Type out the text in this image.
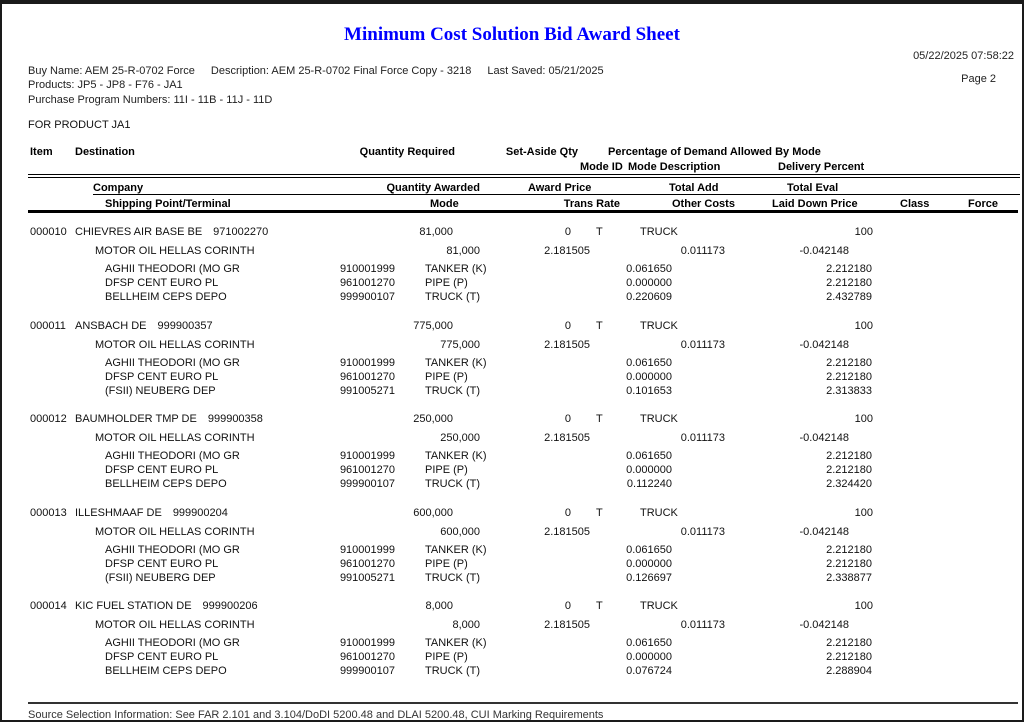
Minimum Cost Solution Bid Award Sheet
05/22/2025 07:58:22
Page 2
Buy Name: AEM 25-R-0702 Force Description: AEM 25-R-0702 Final Force Copy - 3218 Last Saved: 05/21/2025
Products: JP5 - JP8 - F76 - JA1
Purchase Program Numbers: 11I - 11B - 11J - 11D
FOR PRODUCT JA1
Item Destination	Quantity Required	Set-Aside Qty	Percentage of Demand Allowed By Mode
Mode ID Mode Description	Delivery Percent
Company	Quantity Awarded	Award Price	Total Add	Total Eval
Shipping Point/Terminal	Mode	Trans Rate	Other Costs	Laid Down Price	Class	Force
000010 CHIEVRES AIR BASE BE 971002270	81,000	0 T	TRUCK	100
MOTOR OIL HELLAS CORINTH	81,000	2.181505	0.011173	-0.042148
AGHII THEODORI (MO GR	910001999	TANKER (K)	0.061650	2.212180
DFSP CENT EURO PL	961001270	PIPE (P)	0.000000	2.212180
BELLHEIM CEPS DEPO	999900107	TRUCK (T)	0.220609	2.432789
000011 ANSBACH DE 999900357	775,000	0 T	TRUCK	100
MOTOR OIL HELLAS CORINTH	775,000	2.181505	0.011173	-0.042148
AGHII THEODORI (MO GR	910001999	TANKER (K)	0.061650	2.212180
DFSP CENT EURO PL	961001270	PIPE (P)	0.000000	2.212180
(FSII) NEUBERG DEP	991005271	TRUCK (T)	0.101653	2.313833
000012 BAUMHOLDER TMP DE 999900358	250,000	0 T	TRUCK	100
MOTOR OIL HELLAS CORINTH	250,000	2.181505	0.011173	-0.042148
AGHII THEODORI (MO GR	910001999	TANKER (K)	0.061650	2.212180
DFSP CENT EURO PL	961001270	PIPE (P)	0.000000	2.212180
BELLHEIM CEPS DEPO	999900107	TRUCK (T)	0.112240	2.324420
000013 ILLESHMAAF DE 999900204	600,000	0 T	TRUCK	100
MOTOR OIL HELLAS CORINTH	600,000	2.181505	0.011173	-0.042148
AGHII THEODORI (MO GR	910001999	TANKER (K)	0.061650	2.212180
DFSP CENT EURO PL	961001270	PIPE (P)	0.000000	2.212180
(FSII) NEUBERG DEP	991005271	TRUCK (T)	0.126697	2.338877
000014 KIC FUEL STATION DE 999900206	8,000	0 T	TRUCK	100
MOTOR OIL HELLAS CORINTH	8,000	2.181505	0.011173	-0.042148
AGHII THEODORI (MO GR	910001999	TANKER (K)	0.061650	2.212180
DFSP CENT EURO PL	961001270	PIPE (P)	0.000000	2.212180
BELLHEIM CEPS DEPO	999900107	TRUCK (T)	0.076724	2.288904
Source Selection Information: See FAR 2.101 and 3.104/DoDI 5200.48 and DLAI 5200.48, CUI Marking Requirements
